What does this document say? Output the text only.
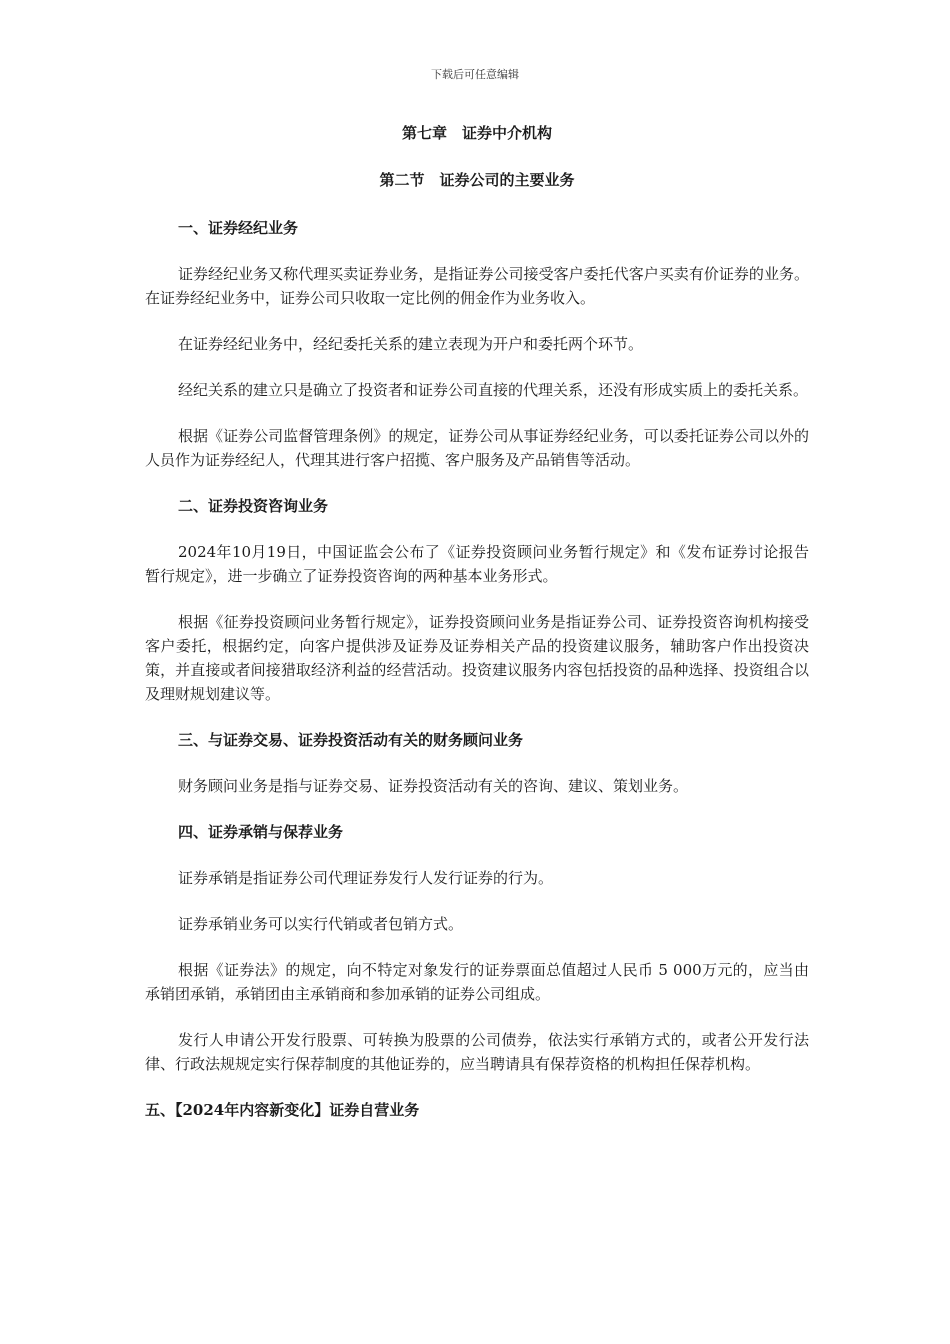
下载后可任意编辑
第七章　证券中介机构
第二节　证券公司的主要业务
一、证券经纪业务
证券经纪业务又称代理买卖证券业务，是指证券公司接受客户委托代客户买卖有价证券的业务。在证券经纪业务中，证券公司只收取一定比例的佣金作为业务收入。
在证券经纪业务中，经纪委托关系的建立表现为开户和委托两个环节。
经纪关系的建立只是确立了投资者和证券公司直接的代理关系，还没有形成实质上的委托关系。
根据《证券公司监督管理条例》的规定，证券公司从事证券经纪业务，可以委托证券公司以外的人员作为证券经纪人，代理其进行客户招揽、客户服务及产品销售等活动。
二、证券投资咨询业务
2024年10月19日，中国证监会公布了《证券投资顾问业务暂行规定》和《发布证券讨论报告暂行规定》，进一步确立了证券投资咨询的两种基本业务形式。
根据《征券投资顾问业务暂行规定》，证券投资顾问业务是指证券公司、证券投资咨询机构接受客户委托，根据约定，向客户提供涉及证券及证券相关产品的投资建议服务，辅助客户作出投资决策，并直接或者间接猎取经济利益的经营活动。投资建议服务内容包括投资的品种选择、投资组合以及理财规划建议等。
三、与证券交易、证券投资活动有关的财务顾问业务
财务顾问业务是指与证券交易、证券投资活动有关的咨询、建议、策划业务。
四、证券承销与保荐业务
证券承销是指证券公司代理证券发行人发行证券的行为。
证券承销业务可以实行代销或者包销方式。
根据《证券法》的规定，向不特定对象发行的证券票面总值超过人民币 5 000万元的，应当由承销团承销，承销团由主承销商和参加承销的证券公司组成。
发行人申请公开发行股票、可转换为股票的公司债券，依法实行承销方式的，或者公开发行法律、行政法规规定实行保荐制度的其他证券的，应当聘请具有保荐资格的机构担任保荐机构。
五、【2024年内容新变化】证券自营业务
